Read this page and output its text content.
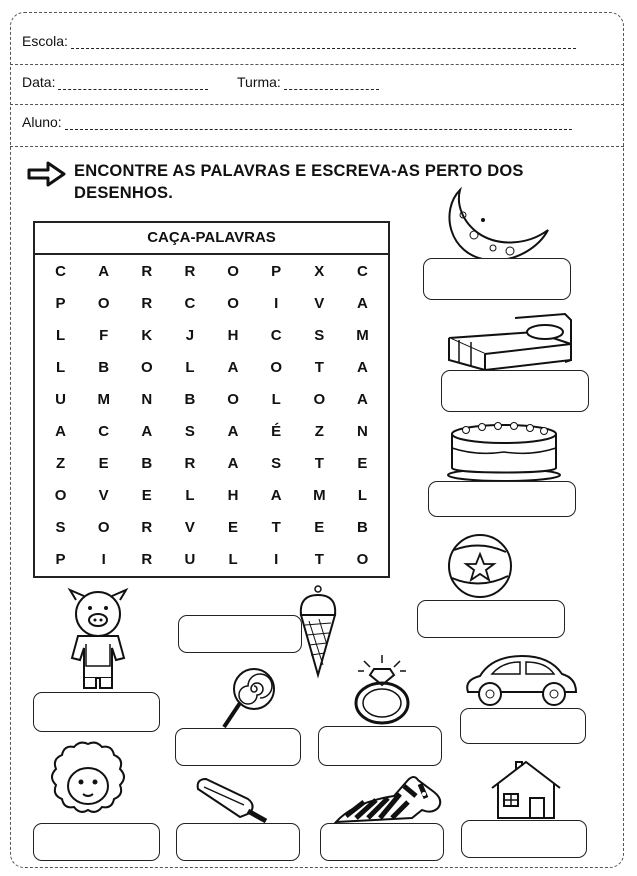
Escola:
Data:	Turma:
Aluno:
ENCONTRE AS PALAVRAS E ESCREVA-AS PERTO DOS DESENHOS.
CAÇA-PALAVRAS
C	A	R	R	O	P	X	C
P	O	R	C	O	I	V	A
L	F	K	J	H	C	S	M
L	B	O	L	A	O	T	A
U	M	N	B	O	L	O	A
A	C	A	S	A	É	Z	N
Z	E	B	R	A	S	T	E
O	V	E	L	H	A	M	L
S	O	R	V	E	T	E	B
P	I	R	U	L	I	T	O
